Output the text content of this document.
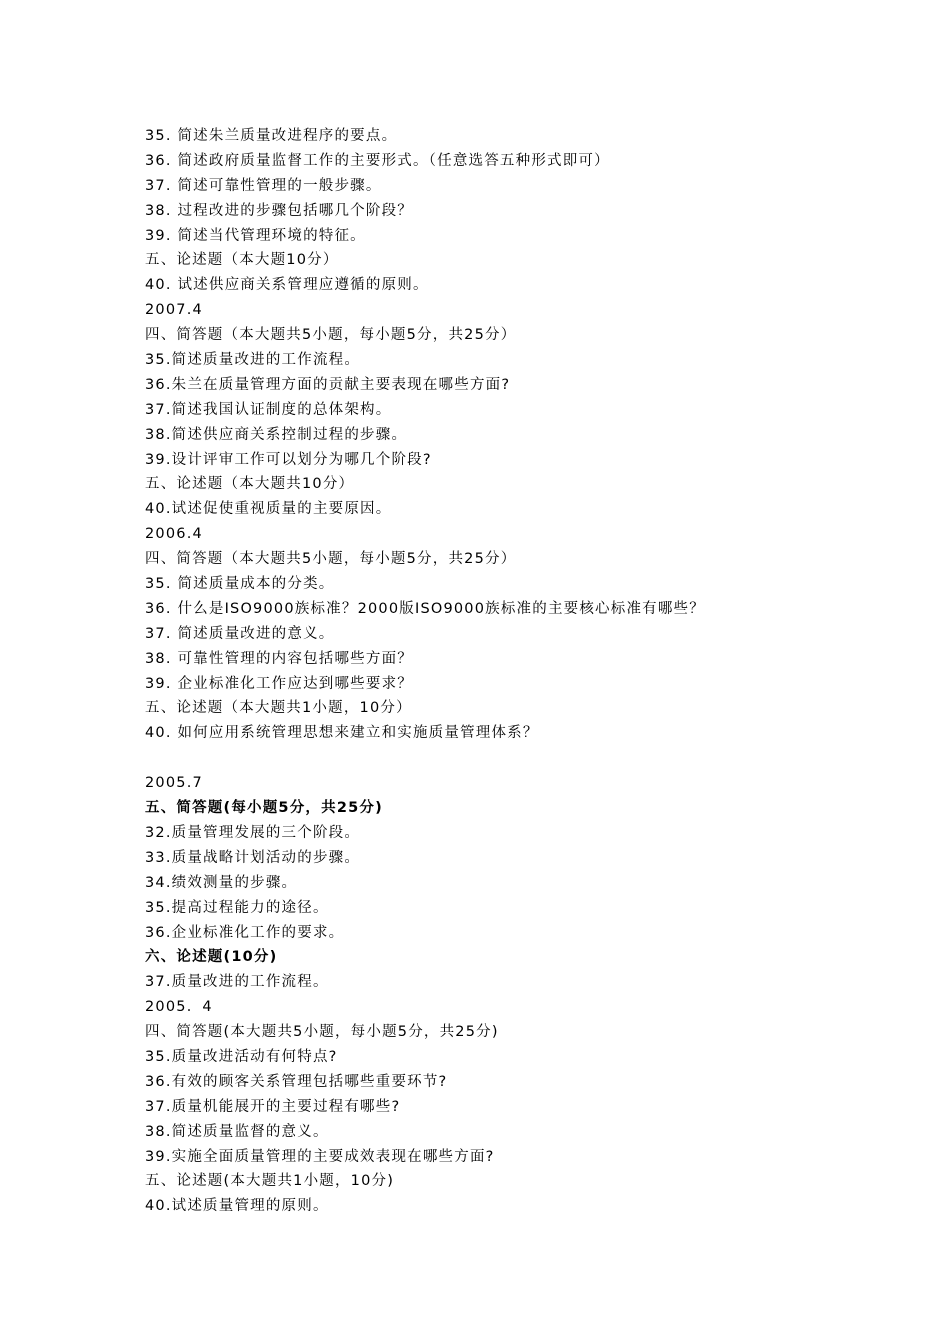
35. 简述朱兰质量改进程序的要点。
36. 简述政府质量监督工作的主要形式。（任意选答五种形式即可）
37. 简述可靠性管理的一般步骤。
38. 过程改进的步骤包括哪几个阶段？
39. 简述当代管理环境的特征。
五、论述题（本大题10分）
40. 试述供应商关系管理应遵循的原则。
2007.4
四、简答题（本大题共5小题，每小题5分，共25分）
35.简述质量改进的工作流程。
36.朱兰在质量管理方面的贡献主要表现在哪些方面?
37.简述我国认证制度的总体架构。
38.简述供应商关系控制过程的步骤。
39.设计评审工作可以划分为哪几个阶段?
五、论述题（本大题共10分）
40.试述促使重视质量的主要原因。
2006.4
四、简答题（本大题共5小题，每小题5分，共25分）
35. 简述质量成本的分类。
36. 什么是ISO9000族标准？2000版ISO9000族标准的主要核心标准有哪些？
37. 简述质量改进的意义。
38. 可靠性管理的内容包括哪些方面？
39. 企业标准化工作应达到哪些要求？
五、论述题（本大题共1小题，10分）
40. 如何应用系统管理思想来建立和实施质量管理体系？
2005.7
五、简答题(每小题5分，共25分)
32.质量管理发展的三个阶段。
33.质量战略计划活动的步骤。
34.绩效测量的步骤。
35.提高过程能力的途径。
36.企业标准化工作的要求。
六、论述题(10分)
37.质量改进的工作流程。
2005．4
四、简答题(本大题共5小题，每小题5分，共25分)
35.质量改进活动有何特点?
36.有效的顾客关系管理包括哪些重要环节?
37.质量机能展开的主要过程有哪些?
38.简述质量监督的意义。
39.实施全面质量管理的主要成效表现在哪些方面?
五、论述题(本大题共1小题，10分)
40.试述质量管理的原则。
